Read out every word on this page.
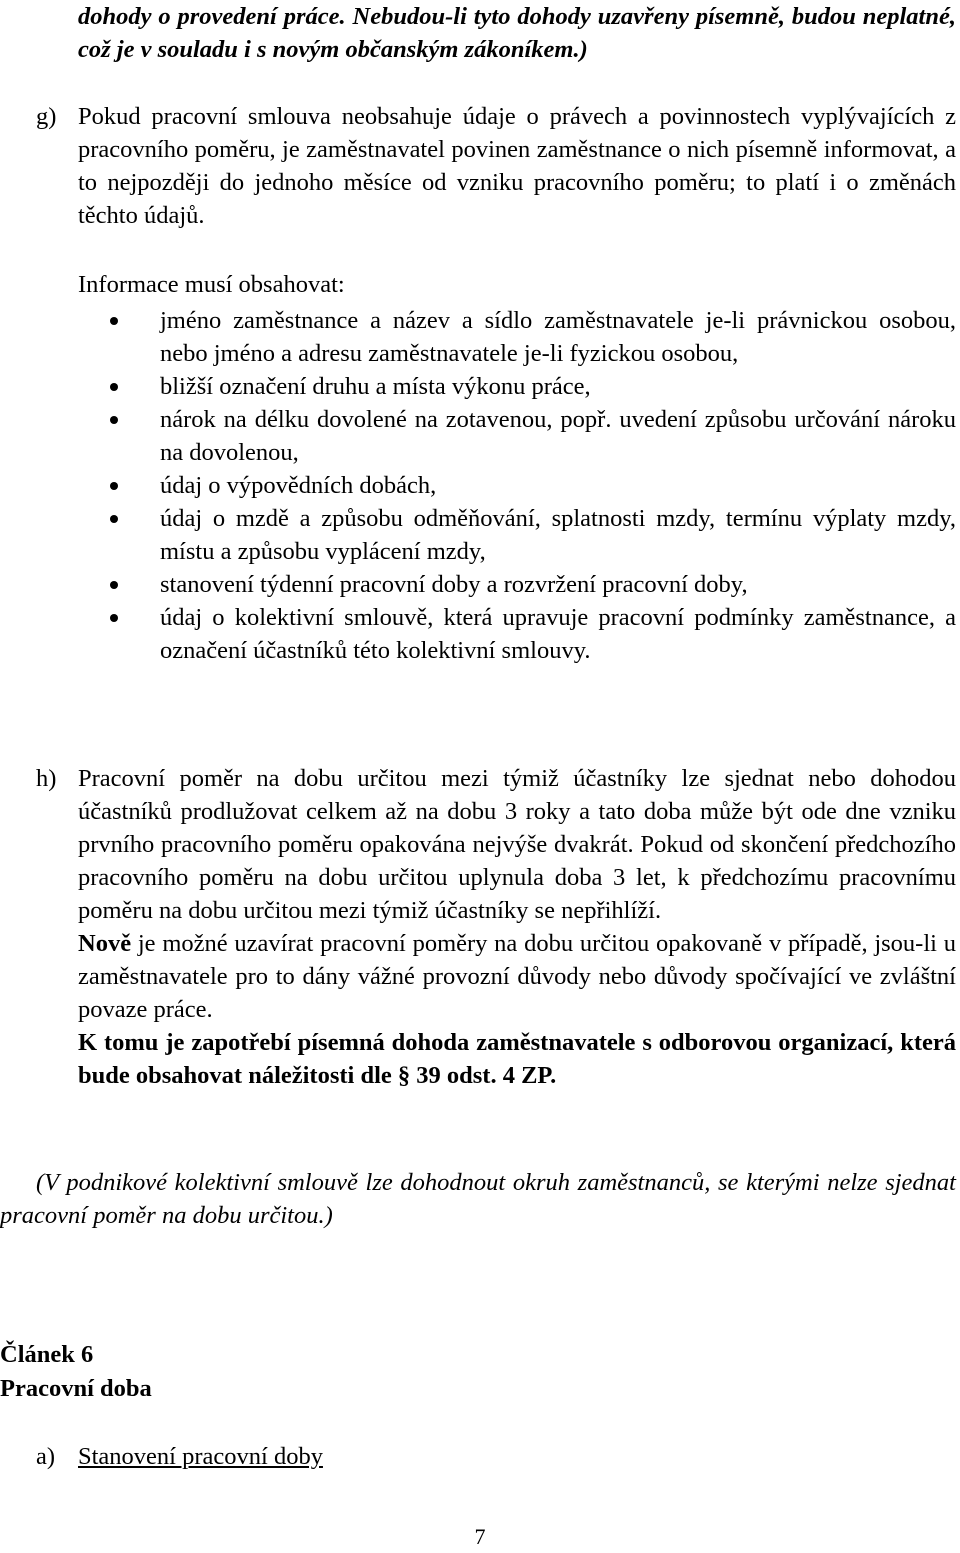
dohody o provedení práce. Nebudou-li tyto dohody uzavřeny písemně, budou neplatné, což je v souladu i s novým občanským zákoníkem.)
g) Pokud pracovní smlouva neobsahuje údaje o právech a povinnostech vyplývajících z pracovního poměru, je zaměstnavatel povinen zaměstnance o nich písemně informovat, a to nejpozději do jednoho měsíce od vzniku pracovního poměru; to platí i o změnách těchto údajů.
Informace musí obsahovat:
jméno zaměstnance a název a sídlo zaměstnavatele je-li právnickou osobou, nebo jméno a adresu zaměstnavatele je-li fyzickou osobou,
bližší označení druhu a místa výkonu práce,
nárok na délku dovolené na zotavenou, popř. uvedení způsobu určování nároku na dovolenou,
údaj o výpovědních dobách,
údaj o mzdě a způsobu odměňování, splatnosti mzdy, termínu výplaty mzdy, místu a způsobu vyplácení mzdy,
stanovení týdenní pracovní doby a rozvržení pracovní doby,
údaj o kolektivní smlouvě, která upravuje pracovní podmínky zaměstnance, a označení účastníků této kolektivní smlouvy.
h) Pracovní poměr na dobu určitou mezi týmiž účastníky lze sjednat nebo dohodou účastníků prodlužovat celkem až na dobu 3 roky a tato doba může být ode dne vzniku prvního pracovního poměru opakována nejvýše dvakrát. Pokud od skončení předchozího pracovního poměru na dobu určitou uplynula doba 3 let, k předchozímu pracovnímu poměru na dobu určitou mezi týmiž účastníky se nepřihlíží.
Nově je možné uzavírat pracovní poměry na dobu určitou opakovaně v případě, jsou-li u zaměstnavatele pro to dány vážné provozní důvody nebo důvody spočívající ve zvláštní povaze práce.
K tomu je zapotřebí písemná dohoda zaměstnavatele s odborovou organizací, která bude obsahovat náležitosti dle § 39 odst. 4 ZP.
(V podnikové kolektivní smlouvě lze dohodnout okruh zaměstnanců, se kterými nelze sjednat pracovní poměr na dobu určitou.)
Článek 6
Pracovní doba
a) Stanovení pracovní doby
7
